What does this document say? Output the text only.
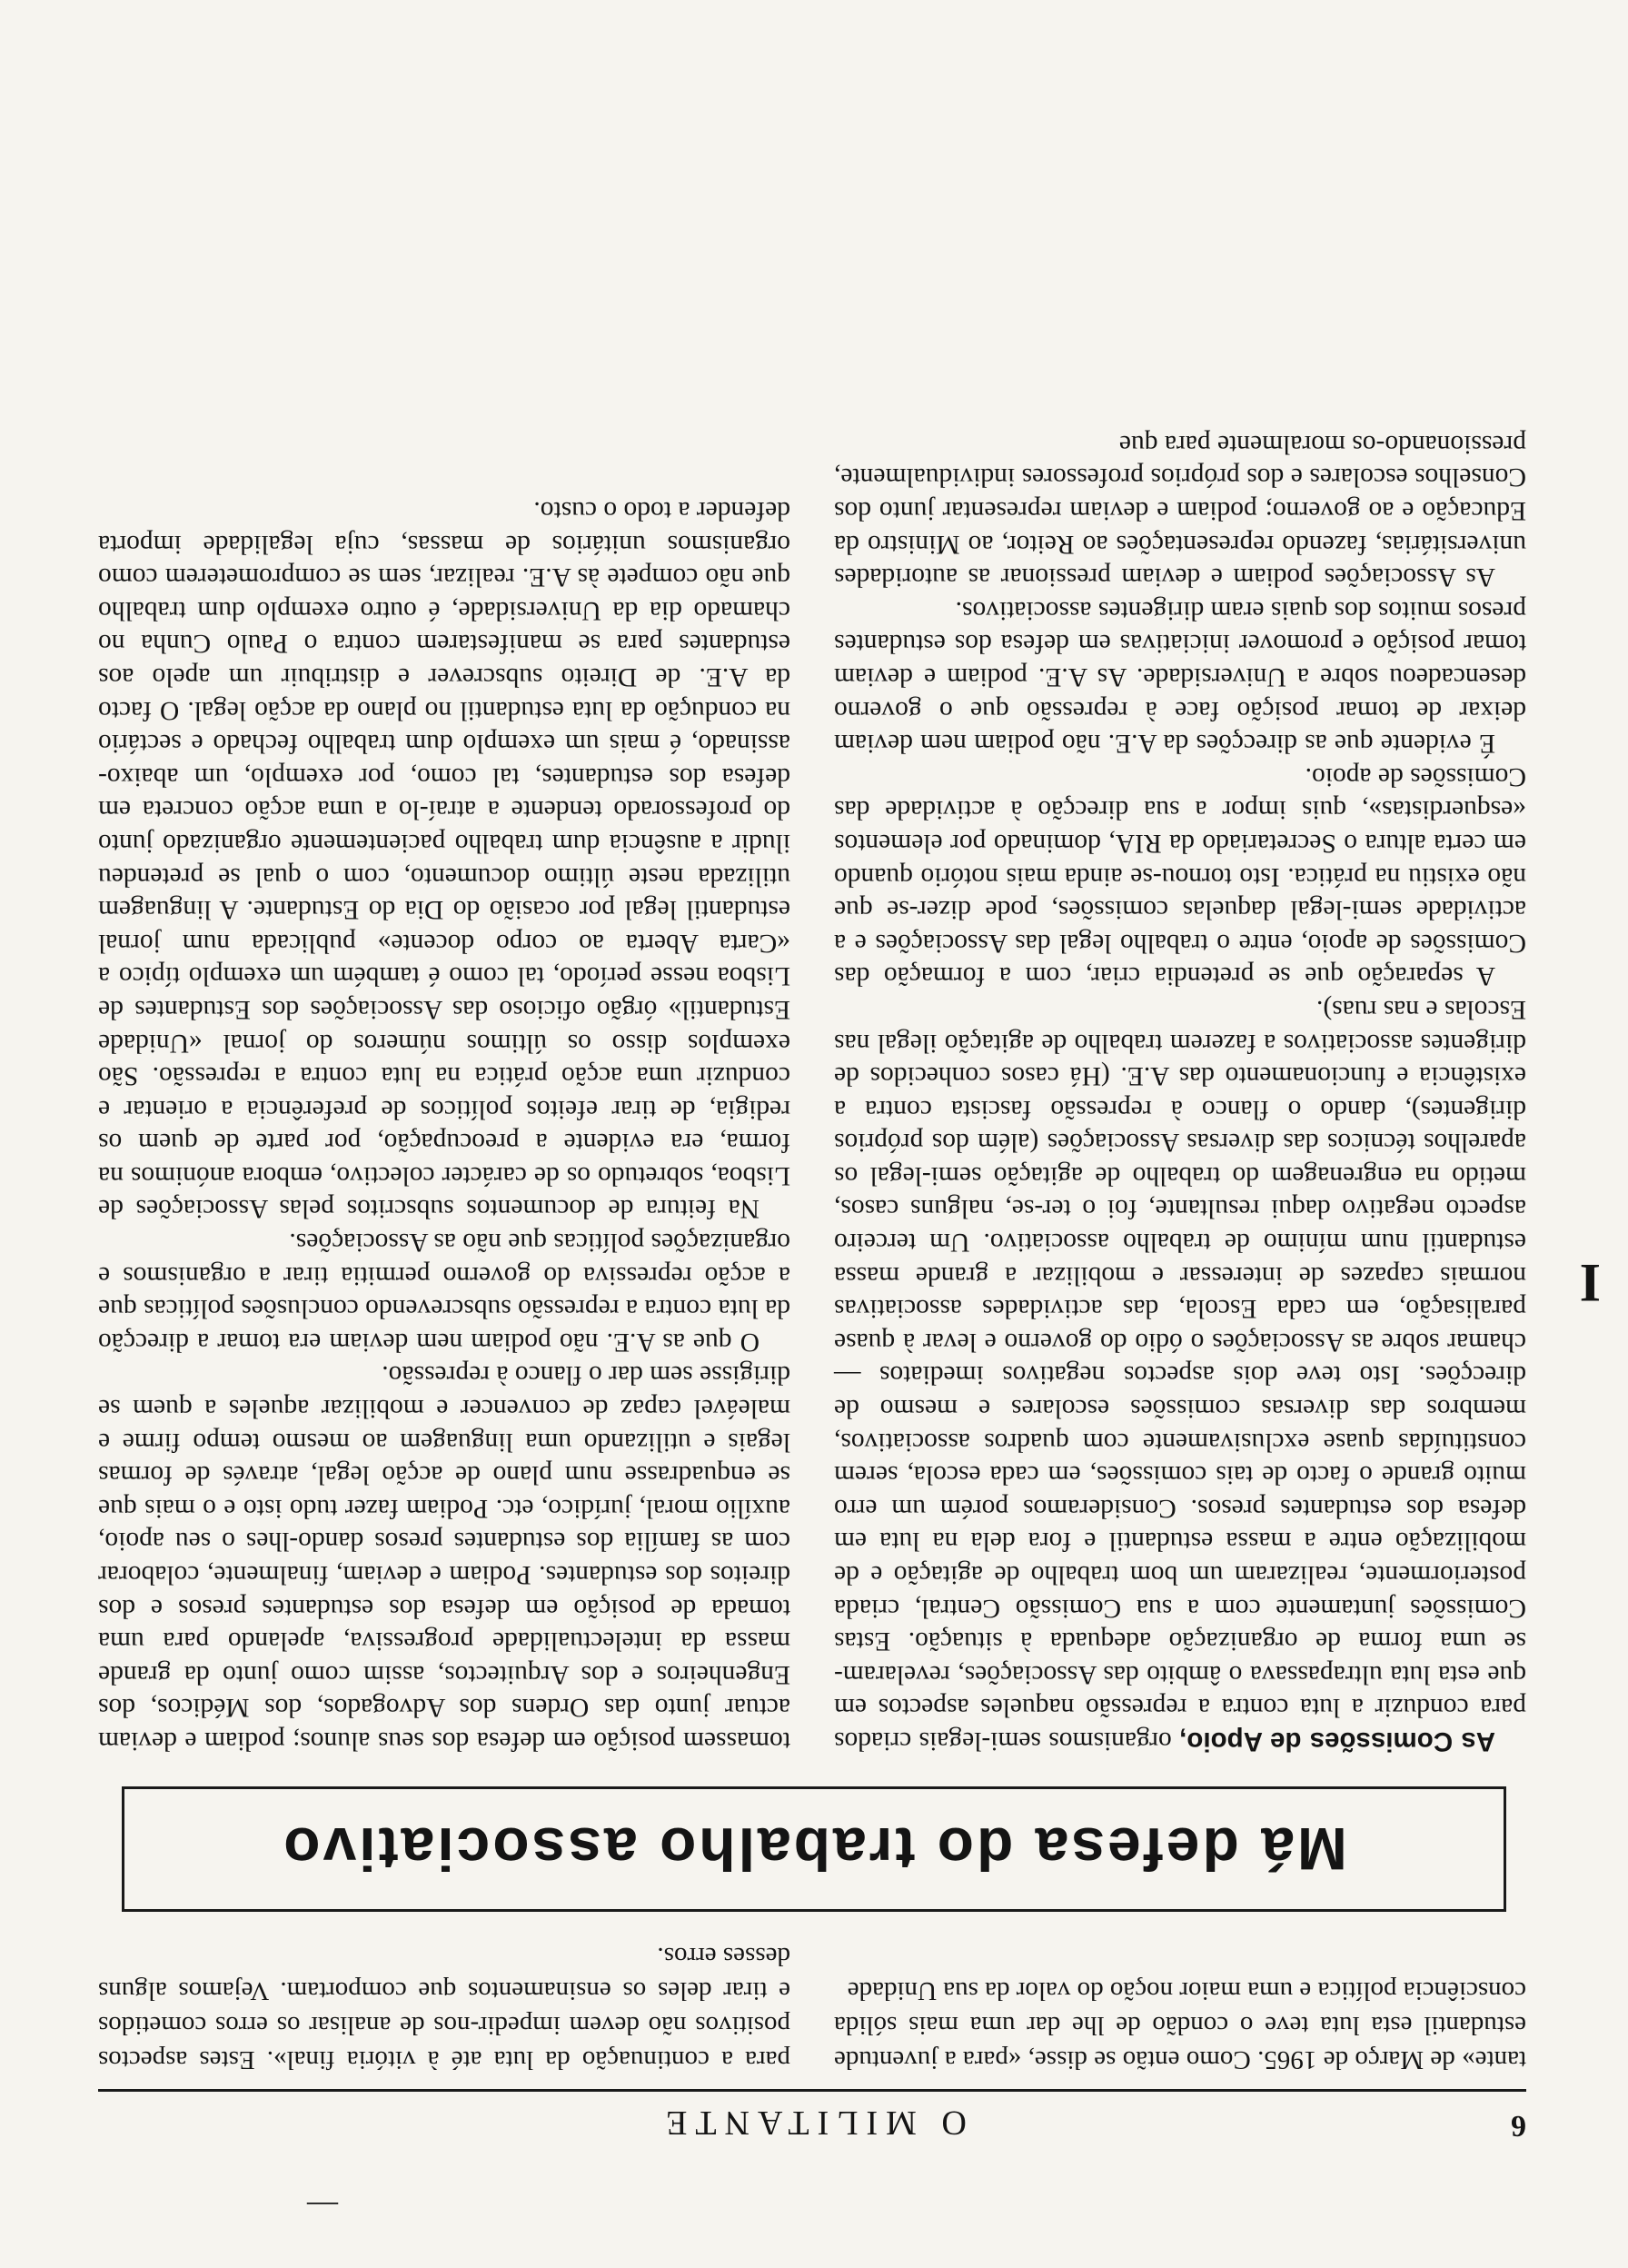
6
O MILITANTE

tante» de Março de 1965. Como então se disse, «para a juventude estudantil esta luta teve o condão de lhe dar uma mais sólida consciência política e uma maior noção do valor da sua Unidade

para a continuação da luta até à vitória final». Estes aspectos positivos não devem impedir-nos de analisar os erros cometidos e tirar deles os ensinamentos que comportam. Vejamos alguns desses erros.

Má defesa do trabalho associativo

As Comissões de Apoio, organismos semi-legais criados para conduzir a luta contra a repressão naqueles aspectos em que esta luta ultrapassava o âmbito das Associações, revelaram-se uma forma de organização adequada à situação. Estas Comissões juntamente com a sua Comissão Central, criada posteriormente, realizaram um bom trabalho de agitação e de mobilização entre a massa estudantil e fora dela na luta em defesa dos estudantes presos. Consideramos porém um erro muito grande o facto de tais comissões, em cada escola, serem constituídas quase exclusivamente com quadros associativos, membros das diversas comissões escolares e mesmo de direcções. Isto teve dois aspectos negativos imediatos — chamar sobre as Associações o ódio do governo e levar à quase paralisação, em cada Escola, das actividades associativas normais capazes de interessar e mobilizar a grande massa estudantil num mínimo de trabalho associativo. Um terceiro aspecto negativo daqui resultante, foi o ter-se, nalguns casos, metido na engrenagem do trabalho de agitação semi-legal os aparelhos técnicos das diversas Associações (além dos próprios dirigentes), dando o flanco à repressão fascista contra a existência e funcionamento das A.E. (Há casos conhecidos de dirigentes associativos a fazerem trabalho de agitação ilegal nas Escolas e nas ruas).

A separação que se pretendia criar, com a formação das Comissões de apoio, entre o trabalho legal das Associações e a actividade semi-legal daquelas comissões, pode dizer-se que não existiu na prática. Isto tornou-se ainda mais notório quando em certa altura o Secretariado da RIA, dominado por elementos «esquerdistas», quis impor a sua direcção à actividade das Comissões de apoio.

É evidente que as direcções da A.E. não podiam nem deviam deixar de tomar posição face à repressão que o governo desencadeou sobre a Universidade. As A.E. podiam e deviam tomar posição e promover iniciativas em defesa dos estudantes presos muitos dos quais eram dirigentes associativos.

As Associações podiam e deviam pressionar as autoridades universitárias, fazendo representações ao Reitor, ao Ministro da Educação e ao governo; podiam e deviam representar junto dos Conselhos escolares e dos próprios professores individualmente, pressionando-os moralmente para que

tomassem posição em defesa dos seus alunos; podiam e deviam actuar junto das Ordens dos Advogados, dos Médicos, dos Engenheiros e dos Arquitectos, assim como junto da grande massa da intelectualidade progressiva, apelando para uma tomada de posição em defesa dos estudantes presos e dos direitos dos estudantes. Podiam e deviam, finalmente, colaborar com as família dos estudantes presos dando-lhes o seu apoio, auxílio moral, jurídico, etc. Podiam fazer tudo isto e o mais que se enquadrasse num plano de acção legal, através de formas legais e utilizando uma linguagem ao mesmo tempo firme e maleável capaz de convencer e mobilizar aqueles a quem se dirigisse sem dar o flanco à repressão.

O que as A.E. não podiam nem deviam era tomar a direcção da luta contra a repressão subscrevendo conclusões políticas que a acção repressiva do governo permitia tirar a organismos e organizações políticas que não as Associações.

Na feitura de documentos subscritos pelas Associações de Lisboa, sobretudo os de carácter colectivo, embora anónimos na forma, era evidente a preocupação, por parte de quem os redigia, de tirar efeitos políticos de preferência a orientar e conduzir uma acção prática na luta contra a repressão. São exemplos disso os últimos números do jornal «Unidade Estudantil» órgão oficioso das Associações dos Estudantes de Lisboa nesse período, tal como é também um exemplo típico a «Carta Aberta ao corpo docente» publicada num jornal estudantil legal por ocasião do Dia do Estudante. A linguagem utilizada neste último documento, com o qual se pretendeu iludir a ausência dum trabalho pacientemente organizado junto do professorado tendente a atraí-lo a uma acção concreta em defesa dos estudantes, tal como, por exemplo, um abaixo-assinado, é mais um exemplo dum trabalho fechado e sectário na condução da luta estudantil no plano da acção legal. O facto da A.E. de Direito subscrever e distribuir um apelo aos estudantes para se manifestarem contra o Paulo Cunha no chamado dia da Universidade, é outro exemplo dum trabalho que não compete às A.E. realizar, sem se comprometerem como organismos unitários de massas, cuja legalidade importa defender a todo o custo.

I
—
